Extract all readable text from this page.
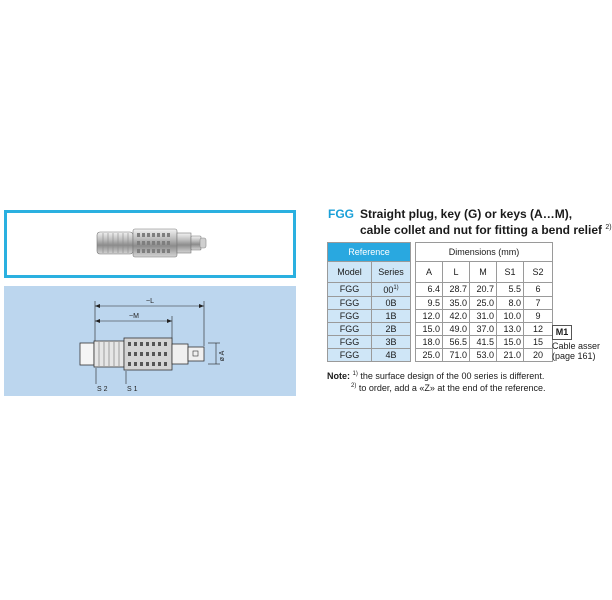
~L
~M
ø A
S 2	S 1
FGG Straight plug, key (G) or keys (A…M),
cable collet and nut for fitting a bend relief $^{2)}$
Reference			Dimensions (mm)				
Model	Series		A	L	M	S1	S2
FGG	00$^{1)}$		6.4	28.7	20.7	5.5	6
FGG	0B		9.5	35.0	25.0	8.0	7
FGG	1B		12.0	42.0	31.0	10.0	9
FGG	2B		15.0	49.0	37.0	13.0	12
FGG	3B		18.0	56.5	41.5	15.0	15
FGG	4B		25.0	71.0	53.0	21.0	20
M1
Cable asser
(page 161)
Note: $^{1)}$ the surface design of the 00 series is different.
$^{2)}$ to order, add a «Z» at the end of the reference.
